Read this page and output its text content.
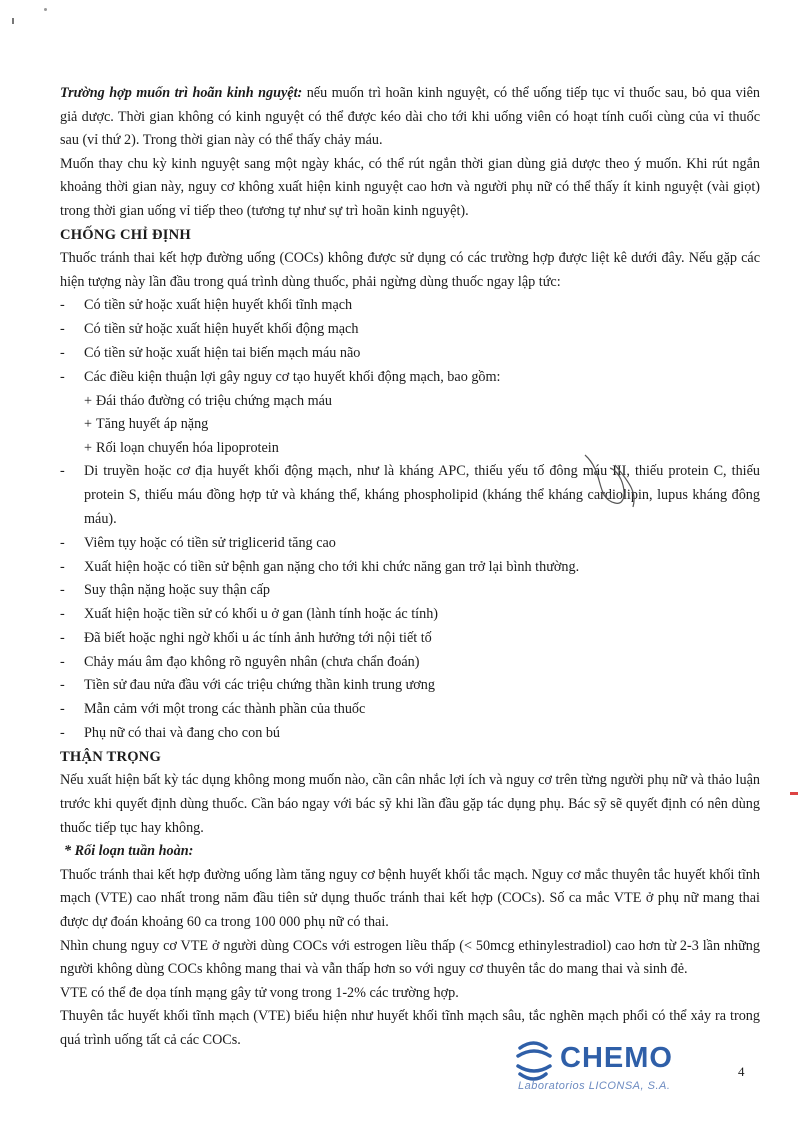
Trường hợp muốn trì hoãn kinh nguyệt: nếu muốn trì hoãn kinh nguyệt, có thể uống tiếp tục vỉ thuốc sau, bỏ qua viên giả dược. Thời gian không có kinh nguyệt có thể được kéo dài cho tới khi uống viên có hoạt tính cuối cùng của vỉ thuốc sau (vỉ thứ 2). Trong thời gian này có thể thấy chảy máu.

Muốn thay chu kỳ kinh nguyệt sang một ngày khác, có thể rút ngắn thời gian dùng giả dược theo ý muốn. Khi rút ngắn khoảng thời gian này, nguy cơ không xuất hiện kinh nguyệt cao hơn và người phụ nữ có thể thấy ít kinh nguyệt (vài giọt) trong thời gian uống vỉ tiếp theo (tương tự như sự trì hoãn kinh nguyệt).

CHỐNG CHỈ ĐỊNH

Thuốc tránh thai kết hợp đường uống (COCs) không được sử dụng có các trường hợp được liệt kê dưới đây. Nếu gặp các hiện tượng này lần đầu trong quá trình dùng thuốc, phải ngừng dùng thuốc ngay lập tức:

- Có tiền sử hoặc xuất hiện huyết khối tĩnh mạch
- Có tiền sử hoặc xuất hiện huyết khối động mạch
- Có tiền sử hoặc xuất hiện tai biến mạch máu não
- Các điều kiện thuận lợi gây nguy cơ tạo huyết khối động mạch, bao gồm:
+ Đái tháo đường có triệu chứng mạch máu
+ Tăng huyết áp nặng
+ Rối loạn chuyển hóa lipoprotein
- Di truyền hoặc cơ địa huyết khối động mạch, như là kháng APC, thiếu yếu tố đông máu III, thiếu protein C, thiếu protein S, thiếu máu đồng hợp tử và kháng thể, kháng phospholipid (kháng thể kháng cardiolipin, lupus kháng đông máu).
- Viêm tụy hoặc có tiền sử triglicerid tăng cao
- Xuất hiện hoặc có tiền sử bệnh gan nặng cho tới khi chức năng gan trở lại bình thường.
- Suy thận nặng hoặc suy thận cấp
- Xuất hiện hoặc tiền sử có khối u ở gan (lành tính hoặc ác tính)
- Đã biết hoặc nghi ngờ khối u ác tính ảnh hưởng tới nội tiết tố
- Chảy máu âm đạo không rõ nguyên nhân (chưa chẩn đoán)
- Tiền sử đau nửa đầu với các triệu chứng thần kinh trung ương
- Mẫn cảm với một trong các thành phần của thuốc
- Phụ nữ có thai và đang cho con bú
THẬN TRỌNG

Nếu xuất hiện bất kỳ tác dụng không mong muốn nào, cần cân nhắc lợi ích và nguy cơ trên từng người phụ nữ và thảo luận trước khi quyết định dùng thuốc. Cần báo ngay với bác sỹ khi lần đầu gặp tác dụng phụ. Bác sỹ sẽ quyết định có nên dùng thuốc tiếp tục hay không.

* Rối loạn tuần hoàn:

Thuốc tránh thai kết hợp đường uống làm tăng nguy cơ bệnh huyết khối tắc mạch. Nguy cơ mắc thuyên tắc huyết khối tĩnh mạch (VTE) cao nhất trong năm đầu tiên sử dụng thuốc tránh thai kết hợp (COCs). Số ca mắc VTE ở phụ nữ mang thai được dự đoán khoảng 60 ca trong 100 000 phụ nữ có thai.

Nhìn chung nguy cơ VTE ở người dùng COCs với estrogen liều thấp (< 50mcg ethinylestradiol) cao hơn từ 2-3 lần những người không dùng COCs không mang thai và vẫn thấp hơn so với nguy cơ thuyên tắc do mang thai và sinh đẻ.

VTE có thể đe dọa tính mạng gây tử vong trong 1-2% các trường hợp.

Thuyên tắc huyết khối tĩnh mạch (VTE) biểu hiện như huyết khối tĩnh mạch sâu, tắc nghẽn mạch phổi có thể xảy ra trong quá trình uống tất cả các COCs.

CHEMO
Laboratorios LICONSA, S.A.
4
